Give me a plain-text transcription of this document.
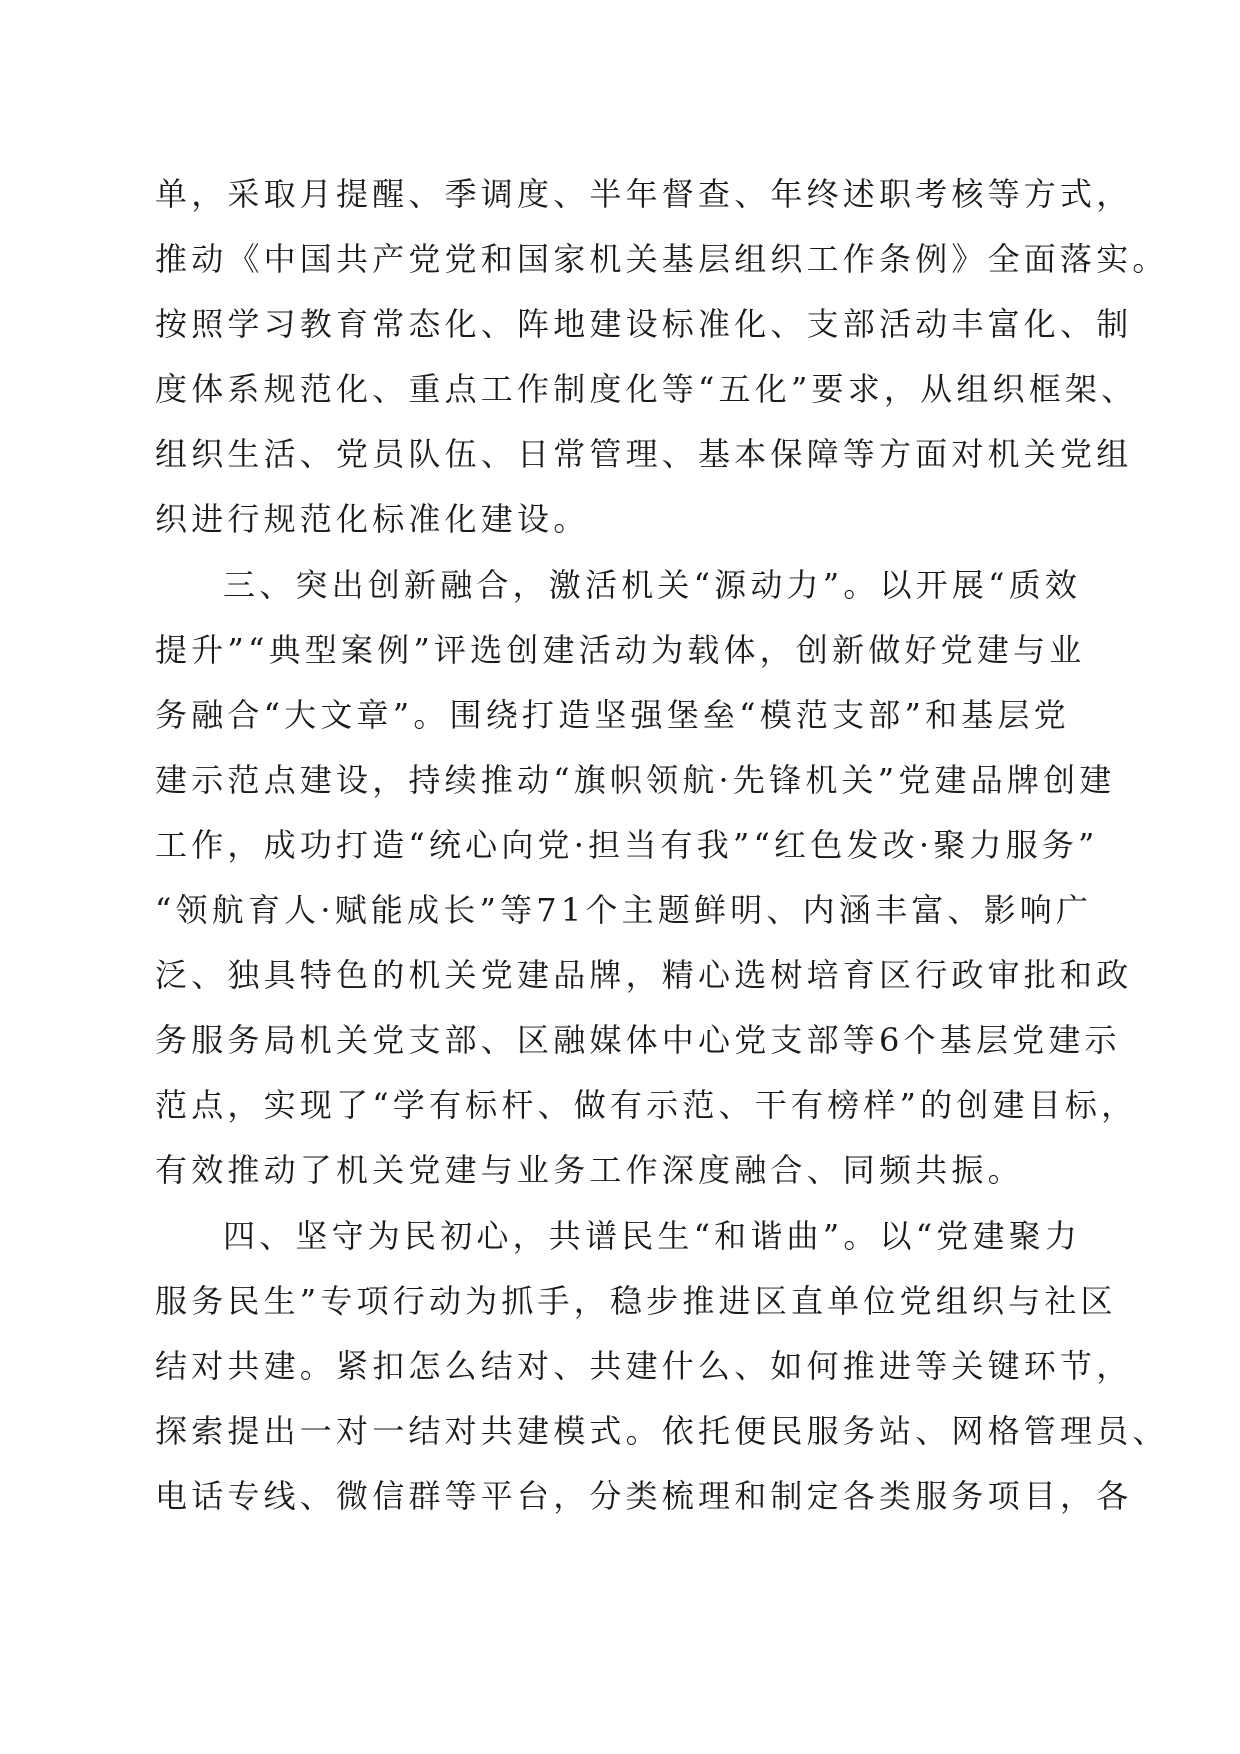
单，采取月提醒、季调度、半年督查、年终述职考核等方式，
推动《中国共产党党和国家机关基层组织工作条例》全面落实。
按照学习教育常态化、阵地建设标准化、支部活动丰富化、制
度体系规范化、重点工作制度化等“五化”要求，从组织框架、
组织生活、党员队伍、日常管理、基本保障等方面对机关党组
织进行规范化标准化建设。
三、突出创新融合，激活机关“源动力”。以开展“质效
提升”“典型案例”评选创建活动为载体，创新做好党建与业
务融合“大文章”。围绕打造坚强堡垒“模范支部”和基层党
建示范点建设，持续推动“旗帜领航·先锋机关”党建品牌创建
工作，成功打造“统心向党·担当有我”“红色发改·聚力服务”
“领航育人·赋能成长”等71个主题鲜明、内涵丰富、影响广
泛、独具特色的机关党建品牌，精心选树培育区行政审批和政
务服务局机关党支部、区融媒体中心党支部等6个基层党建示
范点，实现了“学有标杆、做有示范、干有榜样”的创建目标，
有效推动了机关党建与业务工作深度融合、同频共振。
四、坚守为民初心，共谱民生“和谐曲”。以“党建聚力
服务民生”专项行动为抓手，稳步推进区直单位党组织与社区
结对共建。紧扣怎么结对、共建什么、如何推进等关键环节，
探索提出一对一结对共建模式。依托便民服务站、网格管理员、
电话专线、微信群等平台，分类梳理和制定各类服务项目，各
